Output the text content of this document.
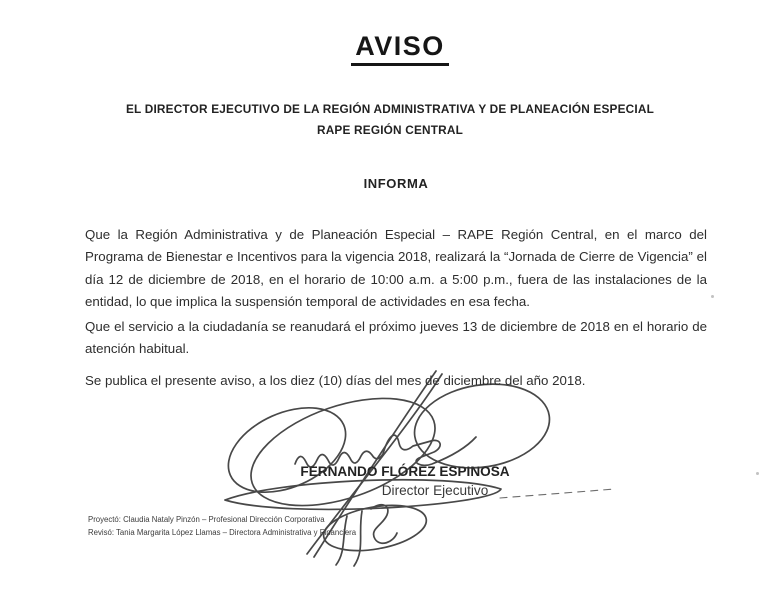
AVISO
EL DIRECTOR EJECUTIVO DE LA REGIÓN ADMINISTRATIVA Y DE PLANEACIÓN ESPECIAL
RAPE REGIÓN CENTRAL
INFORMA

Que la Región Administrativa y de Planeación Especial – RAPE Región Central, en el marco del Programa de Bienestar e Incentivos para la vigencia 2018, realizará la “Jornada de Cierre de Vigencia” el día 12 de diciembre de 2018, en el horario de 10:00 a.m. a 5:00 p.m., fuera de las instalaciones de la entidad, lo que implica la suspensión temporal de actividades en esa fecha.

Que el servicio a la ciudadanía se reanudará el próximo jueves 13 de diciembre de 2018 en el horario de atención habitual.

Se publica el presente aviso, a los diez (10) días del mes de diciembre del año 2018.

FERNANDO FLÓREZ ESPINOSA
Director Ejecutivo
Proyectó: Claudia Nataly Pinzón – Profesional Dirección Corporativa
Revisó: Tania Margarita López Llamas – Directora Administrativa y Financiera
